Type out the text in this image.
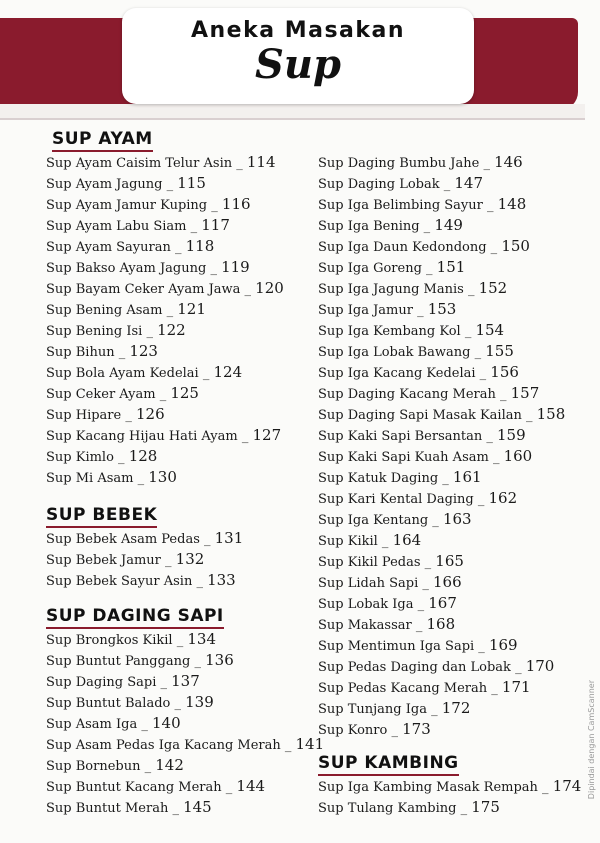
Aneka Masakan
Sup
SUP AYAM
Sup Ayam Caisim Telur Asin _ 114
Sup Ayam Jagung _ 115
Sup Ayam Jamur Kuping _ 116
Sup Ayam Labu Siam _ 117
Sup Ayam Sayuran _ 118
Sup Bakso Ayam Jagung _ 119
Sup Bayam Ceker Ayam Jawa _ 120
Sup Bening Asam _ 121
Sup Bening Isi _ 122
Sup Bihun _ 123
Sup Bola Ayam Kedelai _ 124
Sup Ceker Ayam _ 125
Sup Hipare _ 126
Sup Kacang Hijau Hati Ayam _ 127
Sup Kimlo _ 128
Sup Mi Asam _ 130
SUP BEBEK
Sup Bebek Asam Pedas _ 131
Sup Bebek Jamur _ 132
Sup Bebek Sayur Asin _ 133
SUP DAGING SAPI
Sup Brongkos Kikil _ 134
Sup Buntut Panggang _ 136
Sup Daging Sapi _ 137
Sup Buntut Balado _ 139
Sup Asam Iga _ 140
Sup Asam Pedas Iga Kacang Merah _ 141
Sup Bornebun _ 142
Sup Buntut Kacang Merah _ 144
Sup Buntut Merah _ 145
Sup Daging Bumbu Jahe _ 146
Sup Daging Lobak _ 147
Sup Iga Belimbing Sayur _ 148
Sup Iga Bening _ 149
Sup Iga Daun Kedondong _ 150
Sup Iga Goreng _ 151
Sup Iga Jagung Manis _ 152
Sup Iga Jamur _ 153
Sup Iga Kembang Kol _ 154
Sup Iga Lobak Bawang _ 155
Sup Iga Kacang Kedelai _ 156
Sup Daging Kacang Merah _ 157
Sup Daging Sapi Masak Kailan _ 158
Sup Kaki Sapi Bersantan _ 159
Sup Kaki Sapi Kuah Asam _ 160
Sup Katuk Daging _ 161
Sup Kari Kental Daging _ 162
Sup Iga Kentang _ 163
Sup Kikil _ 164
Sup Kikil Pedas _ 165
Sup Lidah Sapi _ 166
Sup Lobak Iga _ 167
Sup Makassar _ 168
Sup Mentimun Iga Sapi _ 169
Sup Pedas Daging dan Lobak _ 170
Sup Pedas Kacang Merah _ 171
Sup Tunjang Iga _ 172
Sup Konro _ 173
SUP KAMBING
Sup Iga Kambing Masak Rempah _ 174
Sup Tulang Kambing _ 175
Dipindai dengan CamScanner
